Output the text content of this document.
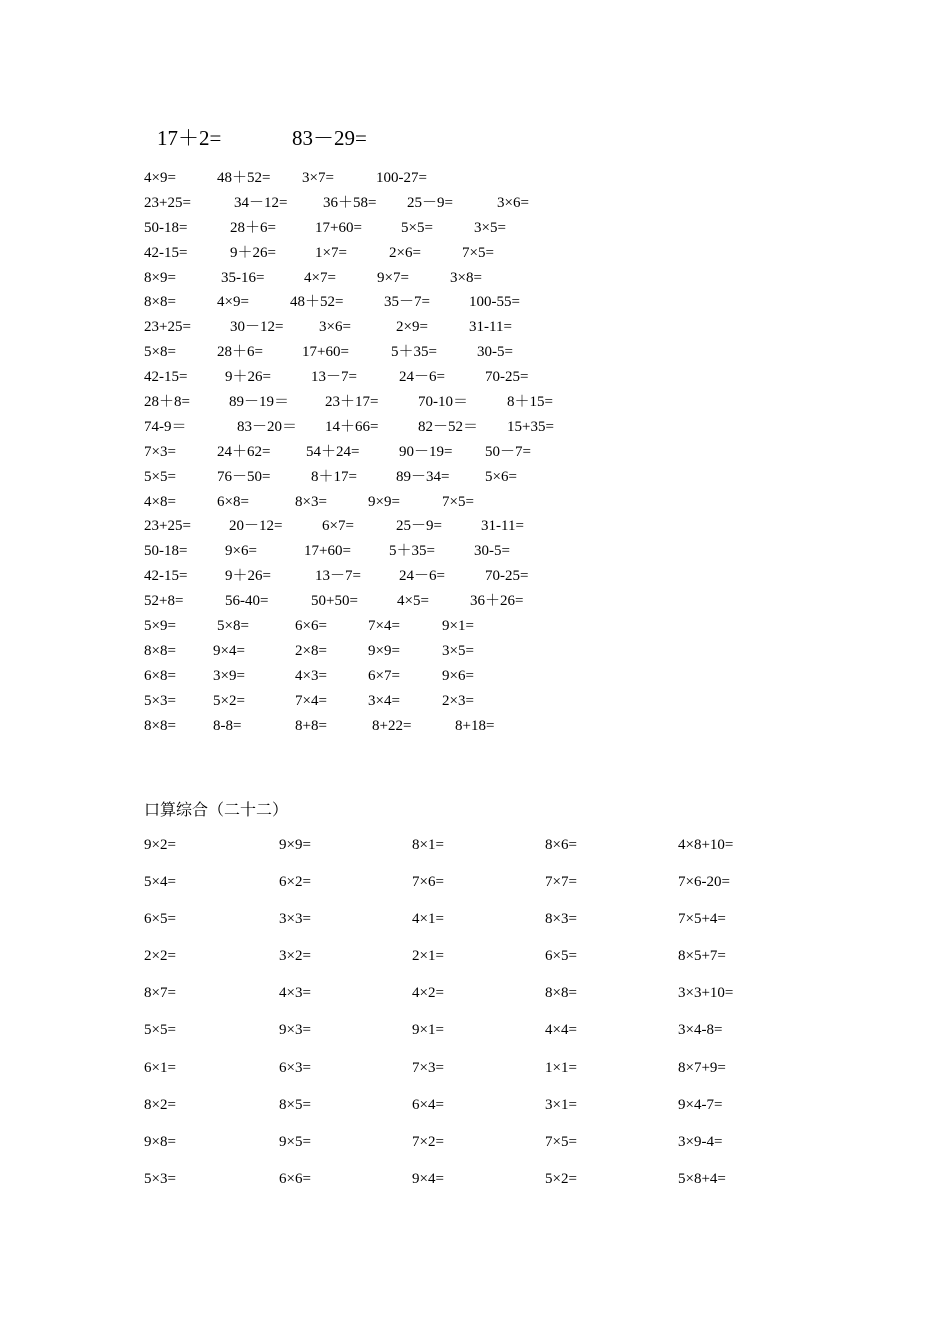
17＋2=	83－29=
4×9=	48＋52= 3×7=	100-27=
23+25=	34－12= 36＋58= 25－9=	3×6=
50-18=	28＋6=	17+60=	5×5=	3×5=
42-15=	9＋26=	1×7=	2×6=	7×5=
8×9=	35-16=	4×7=	9×7=	3×8=
8×8=	4×9=	48＋52=	35－7=	100-55=
23+25=	30－12= 3×6=	2×9=	31-11=
5×8=	28＋6=	17+60=	5＋35=	30-5=
42-15=	9＋26=	13－7=	24－6=	70-25=
28＋8=	89－19＝ 23＋17=	70-10＝	8＋15=
74-9＝	83－20＝ 14＋66=	82－52＝ 15+35=
7×3=	24＋62= 54＋24=	90－19= 50－7=
5×5=	76－50=	8＋17=	89－34= 5×6=
4×8=	6×8=	8×3=	9×9=	7×5=
23+25=	20－12=	6×7=	25－9=	31-11=
50-18=	9×6=	17+60=	5＋35=	30-5=
42-15=	9＋26=	13－7=	24－6=	70-25=
52+8=	56-40=	50+50=	4×5=	36＋26=
5×9=	5×8=	6×6=	7×4=	9×1=
8×8= 9×4=	2×8=	9×9=	3×5=
6×8= 3×9=	4×3=	6×7=	9×6=
5×3= 5×2=	7×4=	3×4=	2×3=
8×8= 8-8=	8+8=	8+22=	8+18=
口算综合（二十二）
9×2=	9×9=	8×1=	8×6=	4×8+10=
5×4=	6×2=	7×6=	7×7=	7×6-20=
6×5=	3×3=	4×1=	8×3=	7×5+4=
2×2=	3×2=	2×1=	6×5=	8×5+7=
8×7=	4×3=	4×2=	8×8=	3×3+10=
5×5=	9×3=	9×1=	4×4=	3×4-8=
6×1=	6×3=	7×3=	1×1=	8×7+9=
8×2=	8×5=	6×4=	3×1=	9×4-7=
9×8=	9×5=	7×2=	7×5=	3×9-4=
5×3=	6×6=	9×4=	5×2=	5×8+4=
